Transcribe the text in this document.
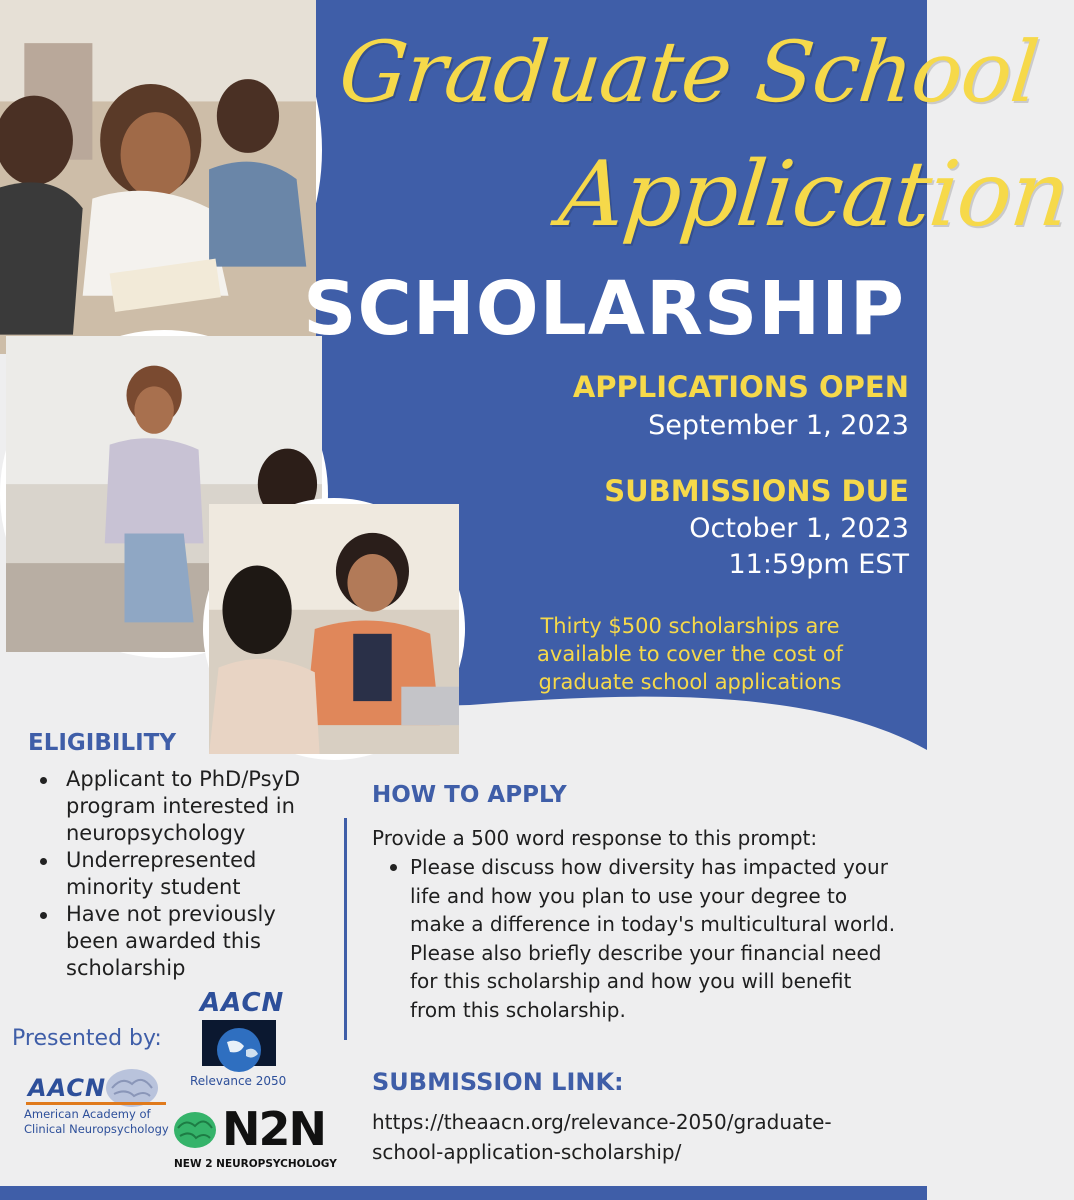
Graduate School
Application
SCHOLARSHIP
APPLICATIONS OPEN
September 1, 2023
SUBMISSIONS DUE
October 1, 2023
11:59pm EST
Thirty $500 scholarships are available to cover the cost of graduate school applications
ELIGIBILITY
Applicant to PhD/PsyD program interested in neuropsychology
Underrepresented minority student
Have not previously been awarded this scholarship
HOW TO APPLY
Provide a 500 word response to this prompt:
Please discuss how diversity has impacted your life and how you plan to use your degree to make a difference in today's multicultural world. Please also briefly describe your financial need for this scholarship and how you will benefit from this scholarship.
SUBMISSION LINK:
https://theaacn.org/relevance-2050/graduate-school-application-scholarship/
Presented by:
AACN
Relevance 2050
AACN
American Academy of
Clinical Neuropsychology N2N
NEW 2 NEUROPSYCHOLOGY
